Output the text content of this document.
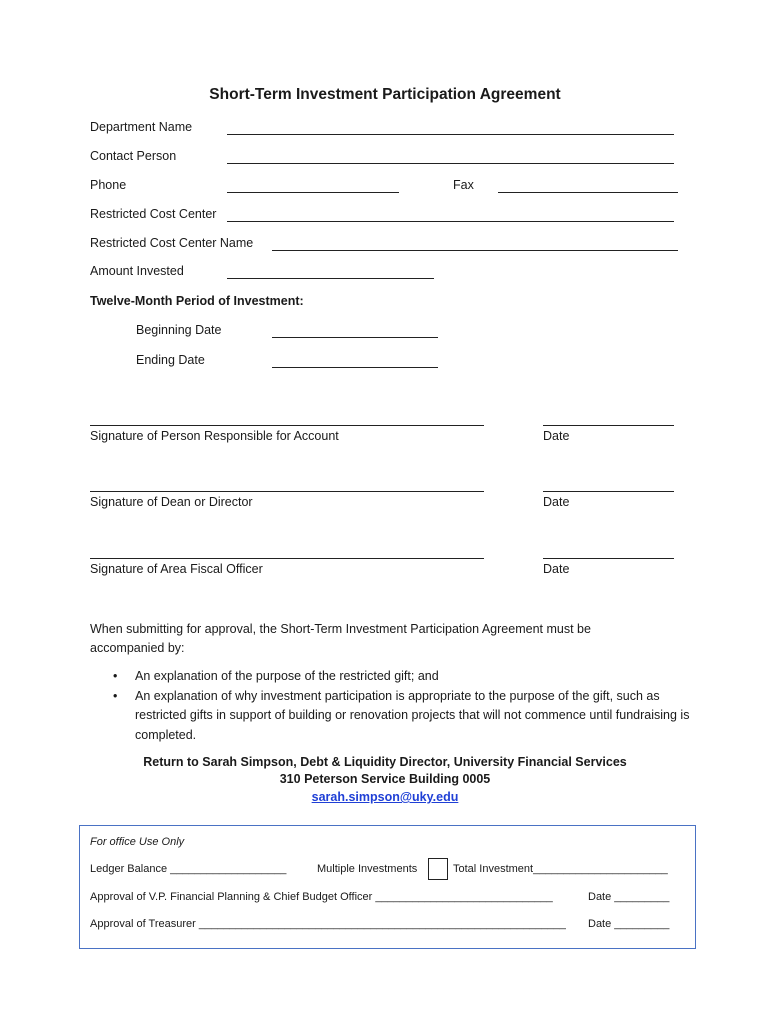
Short-Term Investment Participation Agreement
Department Name
Contact Person
Phone	Fax
Restricted Cost Center
Restricted Cost Center Name
Amount Invested
Twelve-Month Period of Investment:
Beginning Date
Ending Date
Signature of Person Responsible for Account	Date
Signature of Dean or Director	Date
Signature of Area Fiscal Officer	Date
When submitting for approval, the Short-Term Investment Participation Agreement must be accompanied by:
• An explanation of the purpose of the restricted gift; and
• An explanation of why investment participation is appropriate to the purpose of the gift, such as restricted gifts in support of building or renovation projects that will not commence until fundraising is completed.
Return to Sarah Simpson, Debt & Liquidity Director, University Financial Services
310 Peterson Service Building 0005
sarah.simpson@uky.edu
For office Use Only
Ledger Balance ___________________	Multiple Investments	Total Investment______________________
Approval of V.P. Financial Planning & Chief Budget Officer _____________________________	Date _________
Approval of Treasurer ____________________________________________________________ Date _________
